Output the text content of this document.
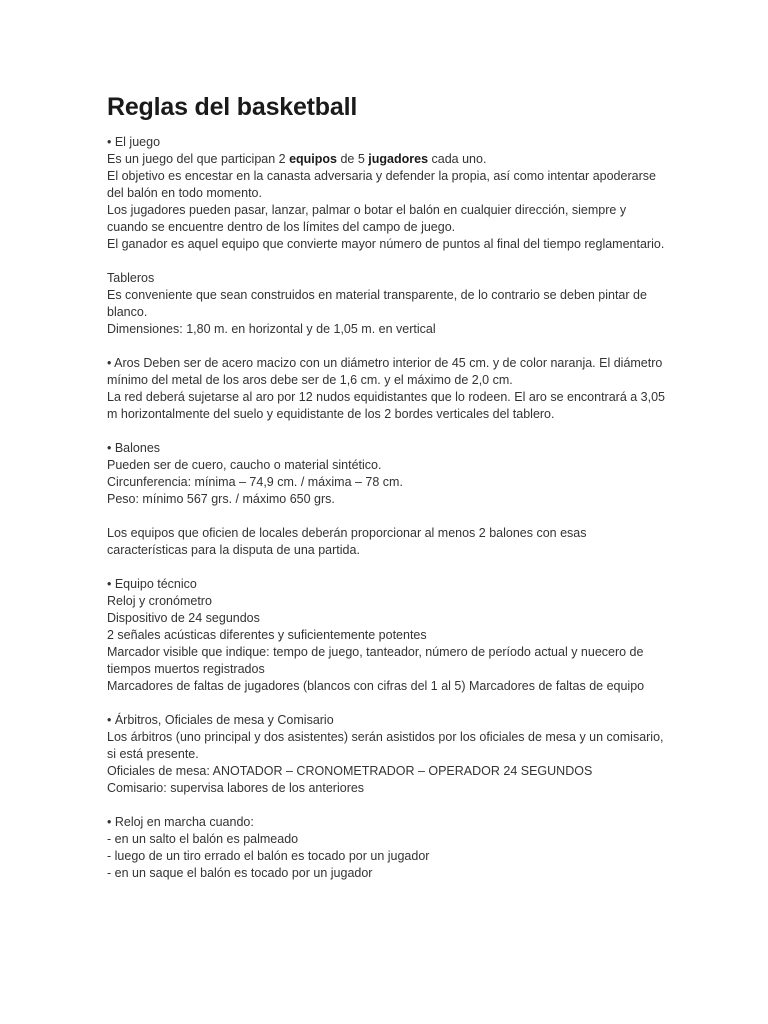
Reglas del basketball

• El juego

Es un juego del que participan 2 equipos de 5 jugadores cada uno.

El objetivo es encestar en la canasta adversaria y defender la propia, así como intentar apoderarse del balón en todo momento.

Los jugadores pueden pasar, lanzar, palmar o botar el balón en cualquier dirección, siempre y cuando se encuentre dentro de los límites del campo de juego.

El ganador es aquel equipo que convierte mayor número de puntos al final del tiempo reglamentario.

Tableros

Es conveniente que sean construidos en material transparente, de lo contrario se deben pintar de blanco.

Dimensiones: 1,80 m. en horizontal y de 1,05 m. en vertical

• Aros Deben ser de acero macizo con un diámetro interior de 45 cm. y de color naranja. El diámetro mínimo del metal de los aros debe ser de 1,6 cm. y el máximo de 2,0 cm.

La red deberá sujetarse al aro por 12 nudos equidistantes que lo rodeen. El aro se encontrará a 3,05 m horizontalmente del suelo y equidistante de los 2 bordes verticales del tablero.

• Balones

Pueden ser de cuero, caucho o material sintético.

Circunferencia: mínima – 74,9 cm. / máxima – 78 cm.

Peso: mínimo 567 grs. / máximo 650 grs.

Los equipos que oficien de locales deberán proporcionar al menos 2 balones con esas características para la disputa de una partida.

• Equipo técnico

Reloj y cronómetro

Dispositivo de 24 segundos

2 señales acústicas diferentes y suficientemente potentes

Marcador visible que indique: tempo de juego, tanteador, número de período actual y nuecero de tiempos muertos registrados

Marcadores de faltas de jugadores (blancos con cifras del 1 al 5) Marcadores de faltas de equipo

• Árbitros, Oficiales de mesa y Comisario

Los árbitros (uno principal y dos asistentes) serán asistidos por los oficiales de mesa y un comisario, si está presente.

Oficiales de mesa: ANOTADOR – CRONOMETRADOR – OPERADOR 24 SEGUNDOS

Comisario: supervisa labores de los anteriores

• Reloj en marcha cuando:

- en un salto el balón es palmeado

- luego de un tiro errado el balón es tocado por un jugador

- en un saque el balón es tocado por un jugador
